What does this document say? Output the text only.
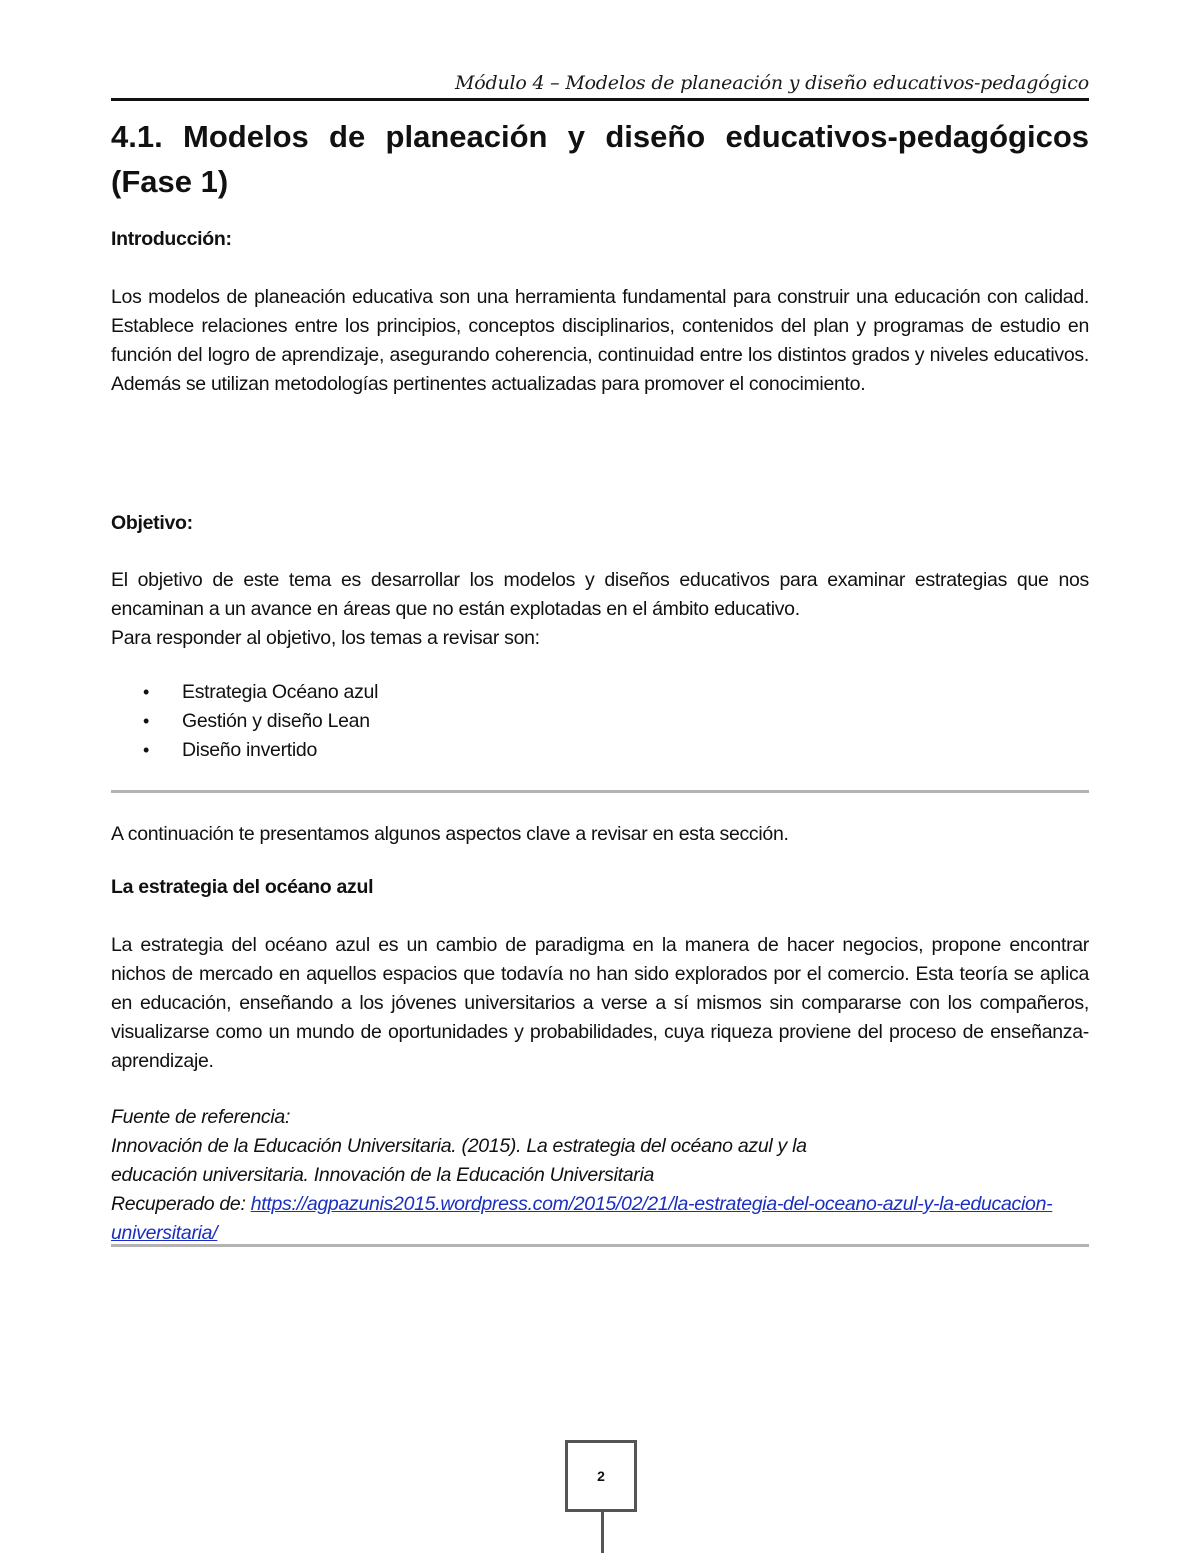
Módulo 4 – Modelos de planeación y diseño educativos-pedagógico
4.1. Modelos de planeación y diseño educativos-pedagógicos (Fase 1)

Introducción:

Los modelos de planeación educativa son una herramienta fundamental para construir una educación con calidad. Establece relaciones entre los principios, conceptos disciplinarios, contenidos del plan y programas de estudio en función del logro de aprendizaje, asegurando coherencia, continuidad entre los distintos grados y niveles educativos. Además se utilizan metodologías pertinentes actualizadas para promover el conocimiento.

Objetivo:

El objetivo de este tema es desarrollar los modelos y diseños educativos para examinar estrategias que nos encaminan a un avance en áreas que no están explotadas en el ámbito educativo.

Para responder al objetivo, los temas a revisar son:

• Estrategia Océano azul
• Gestión y diseño Lean
• Diseño invertido

A continuación te presentamos algunos aspectos clave a revisar en esta sección.

La estrategia del océano azul

La estrategia del océano azul es un cambio de paradigma en la manera de hacer negocios, propone encontrar nichos de mercado en aquellos espacios que todavía no han sido explorados por el comercio. Esta teoría se aplica en educación, enseñando a los jóvenes universitarios a verse a sí mismos sin compararse con los compañeros, visualizarse como un mundo de oportunidades y probabilidades, cuya riqueza proviene del proceso de enseñanza-aprendizaje.

Fuente de referencia:
Innovación de la Educación Universitaria. (2015). La estrategia del océano azul y la
educación universitaria. Innovación de la Educación Universitaria
Recuperado de: https://agpazunis2015.wordpress.com/2015/02/21/la-estrategia-del-oceano-azul-y-la-educacion-universitaria/
2
